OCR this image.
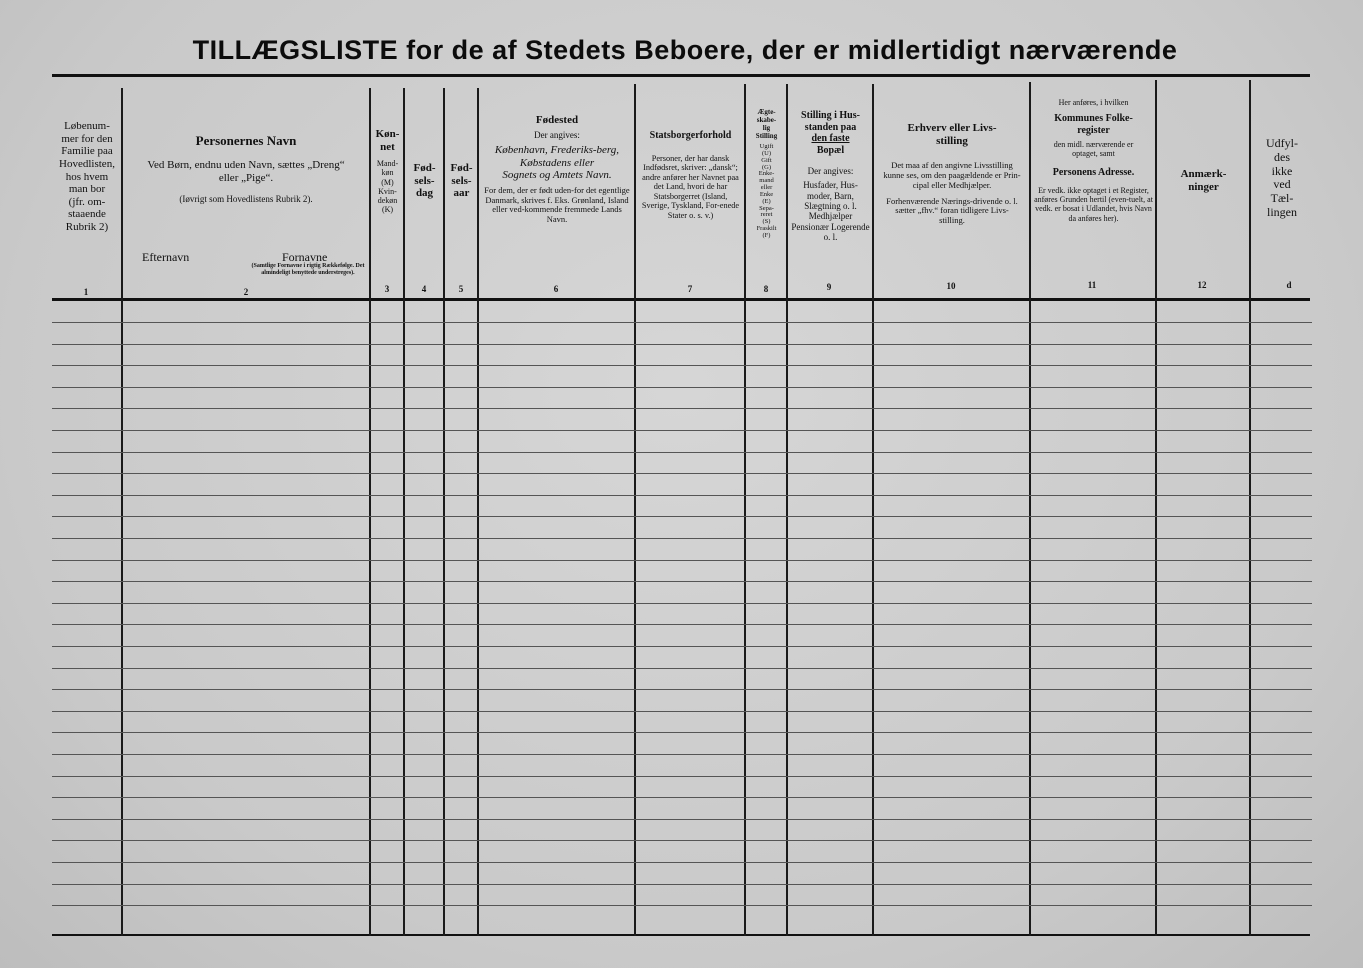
TILLÆGSLISTE for de af Stedets Beboere, der er midlertidigt nærværende
Løbenum-
mer for den
Familie paa
Hovedlisten,
hos hvem
man bor
(jfr. om-
staaende
Rubrik 2)
Personernes Navn
Ved Børn, endnu uden Navn, sættes „Dreng“ eller „Pige“.
(Iøvrigt som Hovedlistens Rubrik 2).
Efternavn	Fornavne
(Samtlige Fornavne i rigtig Rækkefølge. Det almindeligt benyttede understreges).
Køn-
net
Mand-
køn
(M)
Kvin-
dekøn
(K)
Fød-
sels-
dag
Fød-
sels-
aar
Fødested
Der angives:
København, Frederiks-berg, Købstadens eller
Sognets og Amtets Navn.
For dem, der er født uden-for det egentlige Danmark, skrives f. Eks. Grønland, Island eller ved-kommende fremmede Lands Navn.
Statsborgerforhold
Personer, der har dansk Indfødsret, skriver: „dansk“; andre anfører her Navnet paa det Land, hvori de har Statsborgerret (Island, Sverige, Tyskland, For-enede Stater o. s. v.)
Ægte-
skabe-
lig
Stilling
Ugift
(U)
Gift
(G)
Enke-
mand
eller
Enke
(E)
Sepa-
reret
(S)
Fraskilt
(F)
Stilling i Hus-
standen paa
den faste
Bopæl
Der angives:
Husfader, Hus-moder, Barn, Slægtning o. l. Medhjælper Pensionær Logerende o. l.
Erhverv eller Livs-stilling
Det maa af den angivne Livsstilling kunne ses, om den paagældende er Prin-cipal eller Medhjælper.
Forhenværende Nærings-drivende o. l. sætter „fhv.“ foran tidligere Livs-stilling.
Her anføres, i hvilken
Kommunes Folke-register
den midl. nærværende er optaget, samt
Personens Adresse.
Er vedk. ikke optaget i et Register, anføres Grunden hertil (even-tuelt, at vedk. er bosat i Udlandet, hvis Navn da anføres her).
Anmærk-
ninger
Udfyl-
des
ikke
ved
Tæl-
lingen
1	2	3	4	5	6	7	8	9	10	11	12	d
